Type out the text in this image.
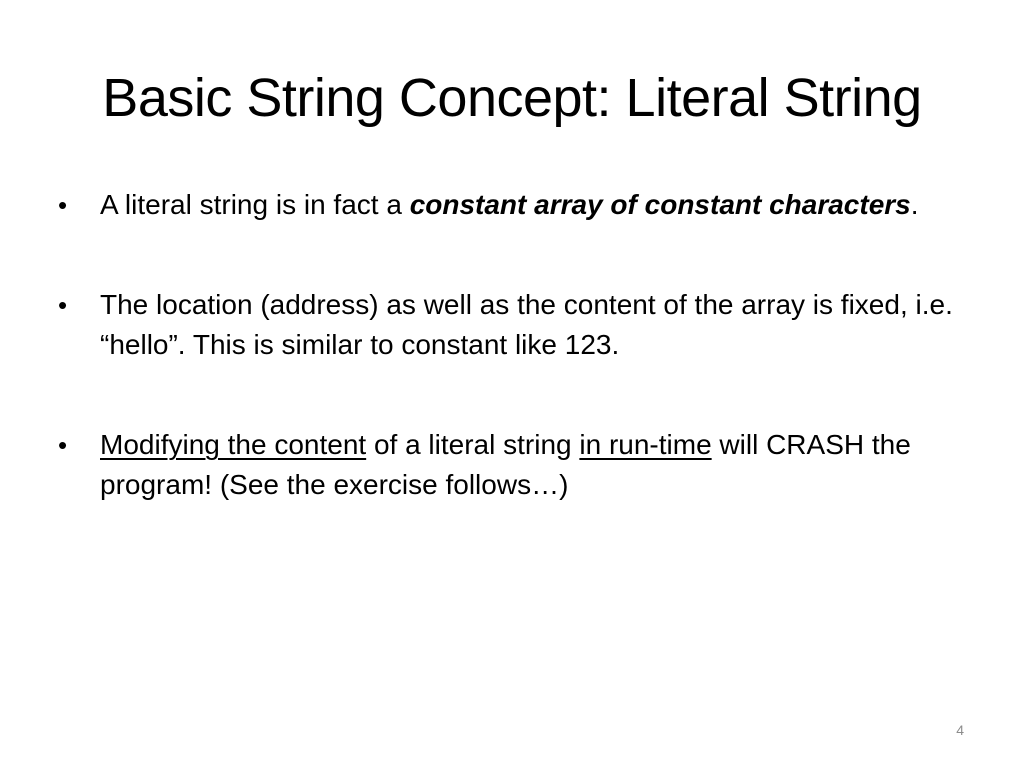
Basic String Concept: Literal String
•	A literal string is in fact a constant array of constant characters.
•	The location (address) as well as the content of the array is fixed, i.e. “hello”. This is similar to constant like 123.
•	Modifying the content of a literal string in run-time will CRASH the program! (See the exercise follows…)
4
